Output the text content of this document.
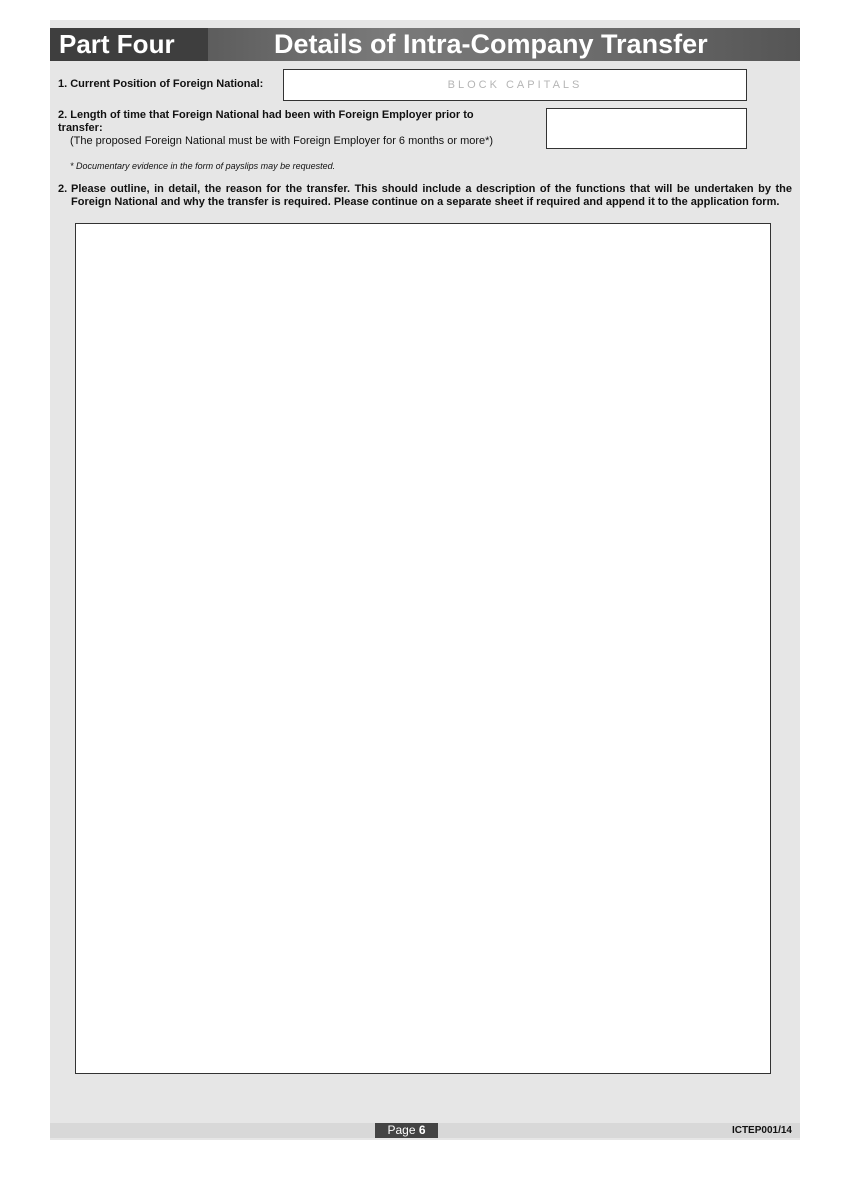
Part Four	Details of Intra-Company Transfer
1. Current Position of Foreign National:	BLOCK CAPITALS
2. Length of time that Foreign National had been with Foreign Employer prior to
transfer:
(The proposed Foreign National must be with Foreign Employer for 6 months or more*)
* Documentary evidence in the form of payslips may be requested.
2. Please outline, in detail, the reason for the transfer. This should include a description of the functions that will be undertaken by the Foreign National and why the transfer is required. Please continue on a separate sheet if required and append it to the application form.
Page 6	ICTEP001/14
